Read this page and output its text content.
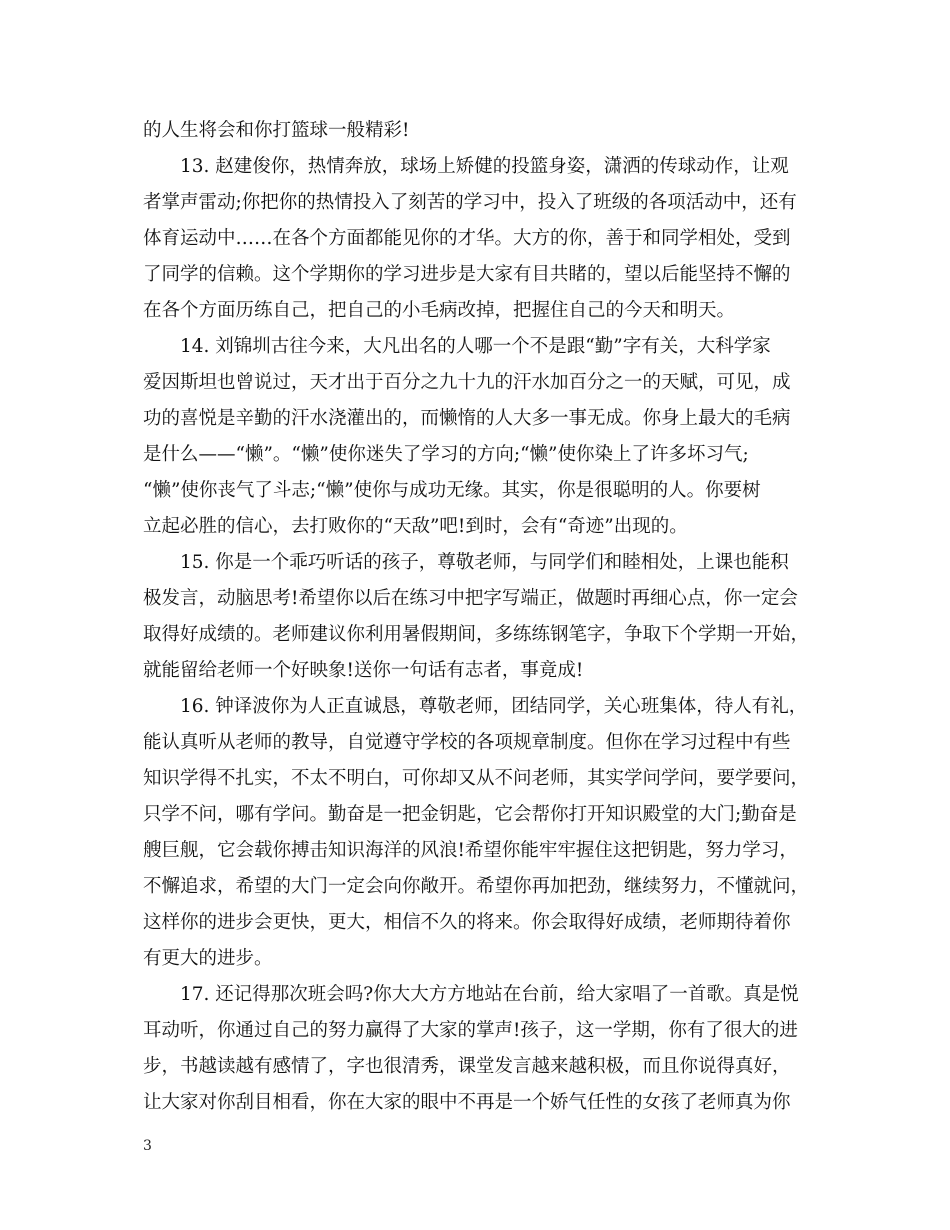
的人生将会和你打篮球一般精彩!
13. 赵建俊你，热情奔放，球场上矫健的投篮身姿，潇洒的传球动作，让观
者掌声雷动;你把你的热情投入了刻苦的学习中，投入了班级的各项活动中，还有
体育运动中……在各个方面都能见你的才华。大方的你，善于和同学相处，受到
了同学的信赖。这个学期你的学习进步是大家有目共睹的，望以后能坚持不懈的
在各个方面历练自己，把自己的小毛病改掉，把握住自己的今天和明天。
14. 刘锦圳古往今来，大凡出名的人哪一个不是跟“勤”字有关，大科学家
爱因斯坦也曾说过，天才出于百分之九十九的汗水加百分之一的天赋，可见，成
功的喜悦是辛勤的汗水浇灌出的，而懒惰的人大多一事无成。你身上最大的毛病
是什么——“懒”。“懒”使你迷失了学习的方向;“懒”使你染上了许多坏习气;
“懒”使你丧气了斗志;“懒”使你与成功无缘。其实，你是很聪明的人。你要树
立起必胜的信心，去打败你的“天敌”吧!到时，会有“奇迹”出现的。
15. 你是一个乖巧听话的孩子，尊敬老师，与同学们和睦相处，上课也能积
极发言，动脑思考!希望你以后在练习中把字写端正，做题时再细心点，你一定会
取得好成绩的。老师建议你利用暑假期间，多练练钢笔字，争取下个学期一开始，
就能留给老师一个好映象!送你一句话有志者，事竟成!
16. 钟译波你为人正直诚恳，尊敬老师，团结同学，关心班集体，待人有礼，
能认真听从老师的教导，自觉遵守学校的各项规章制度。但你在学习过程中有些
知识学得不扎实，不太不明白，可你却又从不问老师，其实学问学问，要学要问，
只学不问，哪有学问。勤奋是一把金钥匙，它会帮你打开知识殿堂的大门;勤奋是
艘巨舰，它会载你搏击知识海洋的风浪!希望你能牢牢握住这把钥匙，努力学习，
不懈追求，希望的大门一定会向你敞开。希望你再加把劲，继续努力，不懂就问，
这样你的进步会更快，更大，相信不久的将来。你会取得好成绩，老师期待着你
有更大的进步。
17. 还记得那次班会吗?你大大方方地站在台前，给大家唱了一首歌。真是悦
耳动听，你通过自己的努力赢得了大家的掌声!孩子，这一学期，你有了很大的进
步，书越读越有感情了，字也很清秀，课堂发言越来越积极，而且你说得真好，
让大家对你刮目相看，你在大家的眼中不再是一个娇气任性的女孩了老师真为你
3
